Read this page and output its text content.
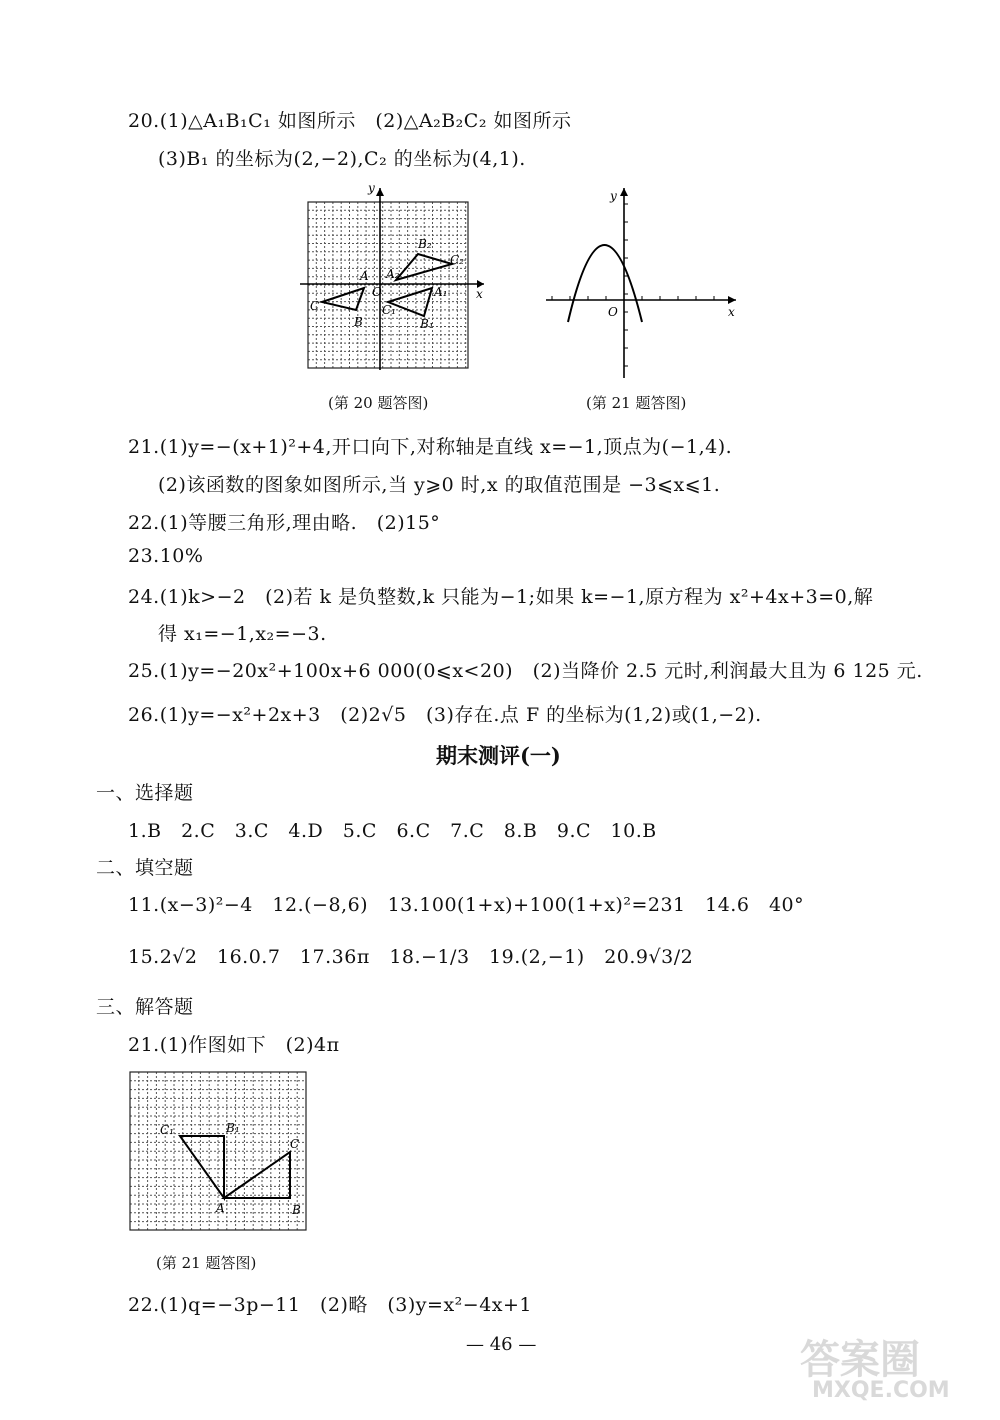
20.(1)△A₁B₁C₁ 如图所示　(2)△A₂B₂C₂ 如图所示
(3)B₁ 的坐标为(2,−2),C₂ 的坐标为(4,1).
y
x
O
A
B
C
A₁
B₁
C₁
A₂
B₂
C₂
(第 20 题答图)
y
x
O
(第 21 题答图)
21.(1)y=−(x+1)²+4,开口向下,对称轴是直线 x=−1,顶点为(−1,4).
(2)该函数的图象如图所示,当 y⩾0 时,x 的取值范围是 −3⩽x⩽1.
22.(1)等腰三角形,理由略.　(2)15°
23.10%
24.(1)k>−2　(2)若 k 是负整数,k 只能为−1;如果 k=−1,原方程为 x²+4x+3=0,解
得 x₁=−1,x₂=−3.
25.(1)y=−20x²+100x+6 000(0⩽x<20)　(2)当降价 2.5 元时,利润最大且为 6 125 元.
26.(1)y=−x²+2x+3　(2)2√5　(3)存在.点 F 的坐标为(1,2)或(1,−2).
期末测评(一)
一、选择题
1.B　2.C　3.C　4.D　5.C　6.C　7.C　8.B　9.C　10.B
二、填空题
11.(x−3)²−4　12.(−8,6)　13.100(1+x)+100(1+x)²=231　14.6　40°
15.2√2　16.0.7　17.36π　18.−1/3　19.(2,−1)　20.9√3/2
三、解答题
21.(1)作图如下　(2)4π
C₁	B₁
C
A	B
(第 21 题答图)
22.(1)q=−3p−11　(2)略　(3)y=x²−4x+1
— 46 —	答案圈
MXQE.COM
